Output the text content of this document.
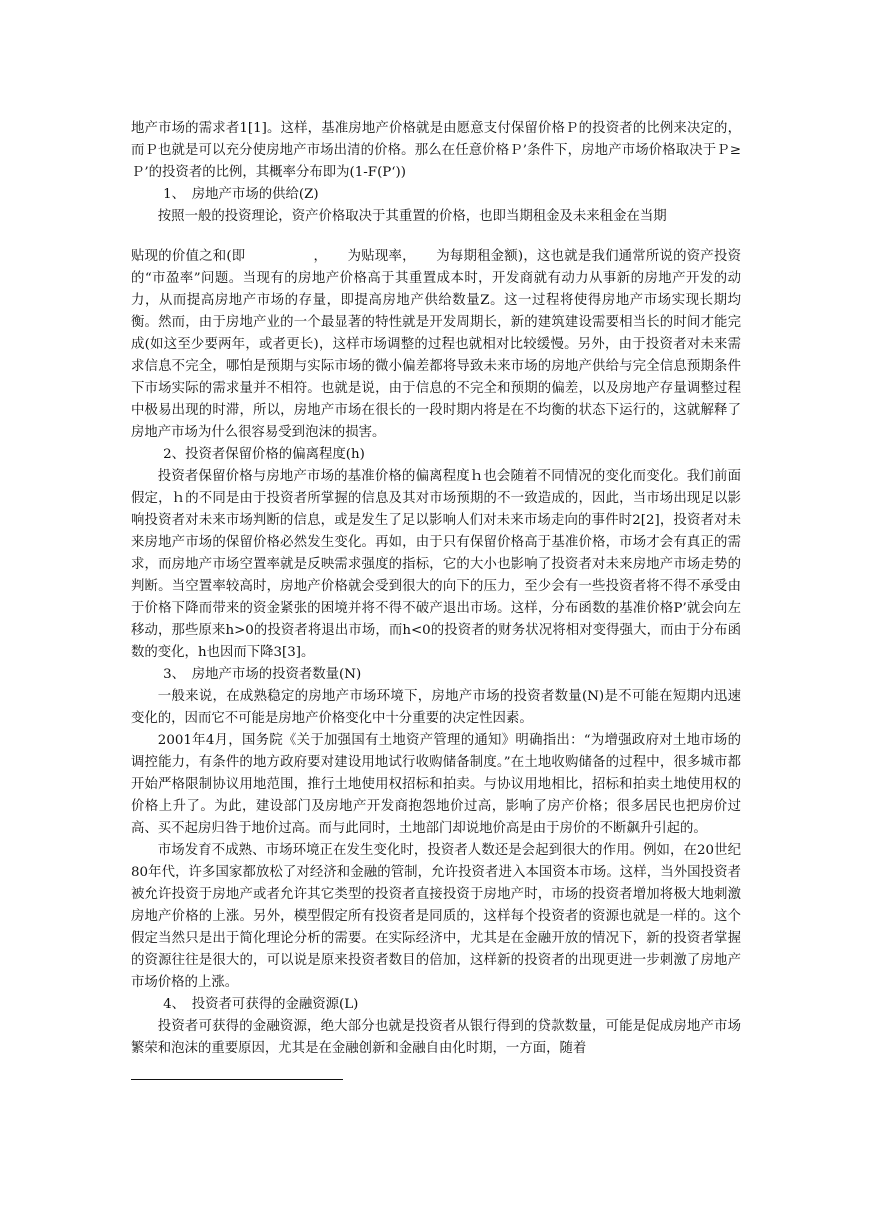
地产市场的需求者1[1]。这样，基准房地产价格就是由愿意支付保留价格Ｐ的投资者的比例来决定的，而Ｐ也就是可以充分使房地产市场出清的价格。那么在任意价格Ｐ’条件下，房地产市场价格取决于Ｐ≥Ｐ’的投资者的比例，其概率分布即为(1-F(P‘))

1、　房地产市场的供给(Z)

按照一般的投资理论，资产价格取决于其重置的价格，也即当期租金及未来租金在当期

贴现的价值之和(即　　　　　，　　为贴现率，　　为每期租金额)，这也就是我们通常所说的资产投资的“市盈率”问题。当现有的房地产价格高于其重置成本时，开发商就有动力从事新的房地产开发的动力，从而提高房地产市场的存量，即提高房地产供给数量Z。这一过程将使得房地产市场实现长期均衡。然而，由于房地产业的一个最显著的特性就是开发周期长，新的建筑建设需要相当长的时间才能完成(如这至少要两年，或者更长)，这样市场调整的过程也就相对比较缓慢。另外，由于投资者对未来需求信息不完全，哪怕是预期与实际市场的微小偏差都将导致未来市场的房地产供给与完全信息预期条件下市场实际的需求量并不相符。也就是说，由于信息的不完全和预期的偏差，以及房地产存量调整过程中极易出现的时滞，所以，房地产市场在很长的一段时期内将是在不均衡的状态下运行的，这就解释了房地产市场为什么很容易受到泡沫的损害。

2、投资者保留价格的偏离程度(h)

投资者保留价格与房地产市场的基准价格的偏离程度ｈ也会随着不同情况的变化而变化。我们前面假定，ｈ的不同是由于投资者所掌握的信息及其对市场预期的不一致造成的，因此，当市场出现足以影响投资者对未来市场判断的信息，或是发生了足以影响人们对未来市场走向的事件时2[2]，投资者对未来房地产市场的保留价格必然发生变化。再如，由于只有保留价格高于基准价格，市场才会有真正的需求，而房地产市场空置率就是反映需求强度的指标，它的大小也影响了投资者对未来房地产市场走势的判断。当空置率较高时，房地产价格就会受到很大的向下的压力，至少会有一些投资者将不得不承受由于价格下降而带来的资金紧张的困境并将不得不破产退出市场。这样，分布函数的基准价格P’就会向左移动，那些原来h>0的投资者将退出市场，而h<0的投资者的财务状况将相对变得强大，而由于分布函数的变化，h也因而下降3[3]。

3、　房地产市场的投资者数量(N)

一般来说，在成熟稳定的房地产市场环境下，房地产市场的投资者数量(N)是不可能在短期内迅速变化的，因而它不可能是房地产价格变化中十分重要的决定性因素。

2001年4月，国务院《关于加强国有土地资产管理的通知》明确指出：“为增强政府对土地市场的调控能力，有条件的地方政府要对建设用地试行收购储备制度。”在土地收购储备的过程中，很多城市都开始严格限制协议用地范围，推行土地使用权招标和拍卖。与协议用地相比，招标和拍卖土地使用权的价格上升了。为此，建设部门及房地产开发商抱怨地价过高，影响了房产价格；很多居民也把房价过高、买不起房归咎于地价过高。而与此同时，土地部门却说地价高是由于房价的不断飙升引起的。

市场发育不成熟、市场环境正在发生变化时，投资者人数还是会起到很大的作用。例如，在20世纪80年代，许多国家都放松了对经济和金融的管制，允许投资者进入本国资本市场。这样，当外国投资者被允许投资于房地产或者允许其它类型的投资者直接投资于房地产时，市场的投资者增加将极大地刺激房地产价格的上涨。另外，模型假定所有投资者是同质的，这样每个投资者的资源也就是一样的。这个假定当然只是出于简化理论分析的需要。在实际经济中，尤其是在金融开放的情况下，新的投资者掌握的资源往往是很大的，可以说是原来投资者数目的倍加，这样新的投资者的出现更进一步刺激了房地产市场价格的上涨。

4、　投资者可获得的金融资源(L)

投资者可获得的金融资源，绝大部分也就是投资者从银行得到的贷款数量，可能是促成房地产市场繁荣和泡沫的重要原因，尤其是在金融创新和金融自由化时期，一方面，随着
